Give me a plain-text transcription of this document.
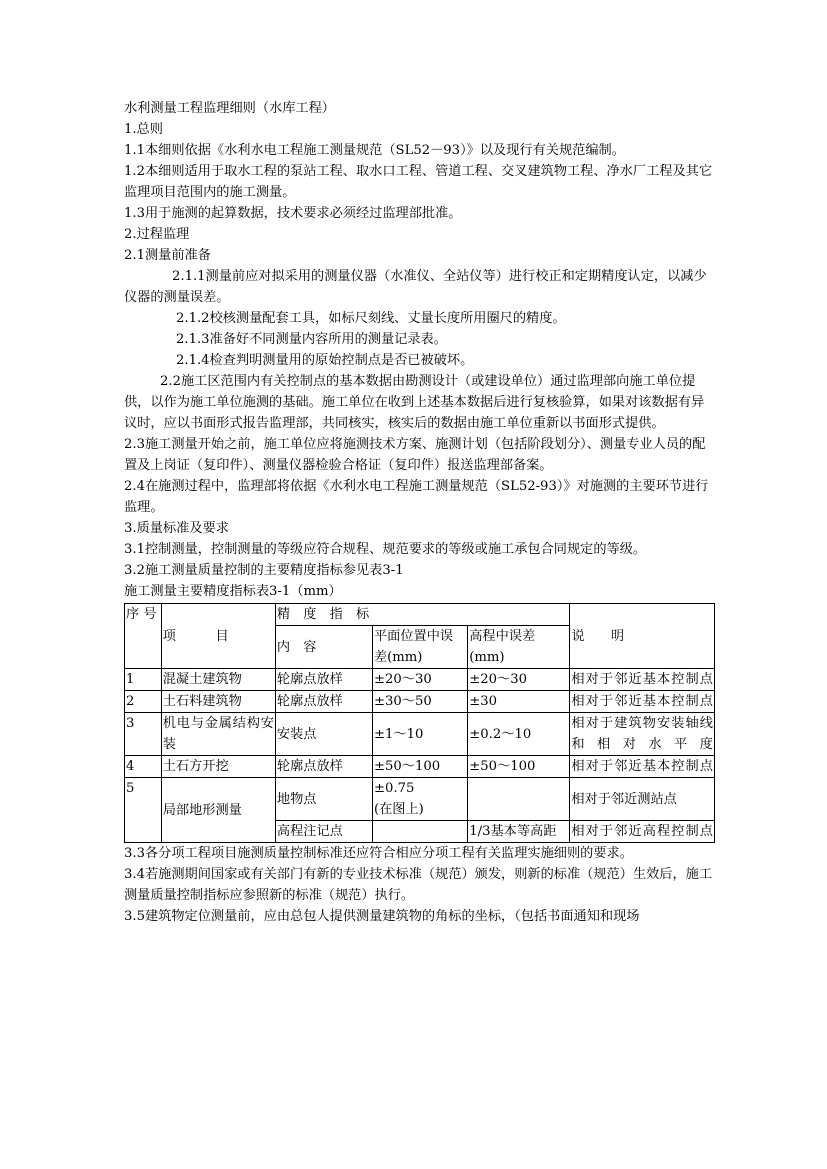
水利测量工程监理细则（水库工程）

1.总则

1.1本细则依据《水利水电工程施工测量规范（SL52－93）》以及现行有关规范编制。

1.2本细则适用于取水工程的泵站工程、取水口工程、管道工程、交叉建筑物工程、净水厂工程及其它监理项目范围内的施工测量。

1.3用于施测的起算数据，技术要求必须经过监理部批准。

2.过程监理

2.1测量前准备

2.1.1测量前应对拟采用的测量仪器（水准仪、全站仪等）进行校正和定期精度认定，以减少仪器的测量误差。

2.1.2校核测量配套工具，如标尺刻线、丈量长度所用圈尺的精度。

2.1.3准备好不同测量内容所用的测量记录表。

2.1.4检查判明测量用的原始控制点是否已被破坏。

2.2施工区范围内有关控制点的基本数据由勘测设计（或建设单位）通过监理部向施工单位提供，以作为施工单位施测的基础。施工单位在收到上述基本数据后进行复核验算，如果对该数据有异议时，应以书面形式报告监理部，共同核实，核实后的数据由施工单位重新以书面形式提供。

2.3施工测量开始之前，施工单位应将施测技术方案、施测计划（包括阶段划分）、测量专业人员的配置及上岗证（复印件）、测量仪器检验合格证（复印件）报送监理部备案。

2.4在施测过程中，监理部将依据《水利水电工程施工测量规范（SL52-93）》对施测的主要环节进行监理。

3.质量标准及要求

3.1控制测量，控制测量的等级应符合规程、规范要求的等级或施工承包合同规定的等级。

3.2施工测量质量控制的主要精度指标参见表3-1

施工测量主要精度指标表3-1（mm）

序 号	项　　　目	精　度　指　标			说　　明
		内　容	平面位置中误差(mm)	高程中误差(mm)	
1	混凝土建筑物	轮廓点放样	±20～30	±20～30	相对于邻近基本控制点
2	土石料建筑物	轮廓点放样	±30～50	±30	相对于邻近基本控制点
3	机电与金属结构安装	安装点	±1～10	±0.2～10	相对于建筑物安装轴线和相对水平度
4	土石方开挖	轮廓点放样	±50～100	±50～100	相对于邻近基本控制点
5	局部地形测量	地物点	±0.75
(在图上)		相对于邻近测站点
		高程注记点		1/3基本等高距	相对于邻近高程控制点

3.3各分项工程项目施测质量控制标准还应符合相应分项工程有关监理实施细则的要求。

3.4若施测期间国家或有关部门有新的专业技术标准（规范）颁发，则新的标准（规范）生效后，施工测量质量控制指标应参照新的标准（规范）执行。

3.5建筑物定位测量前，应由总包人提供测量建筑物的角标的坐标，（包括书面通知和现场
